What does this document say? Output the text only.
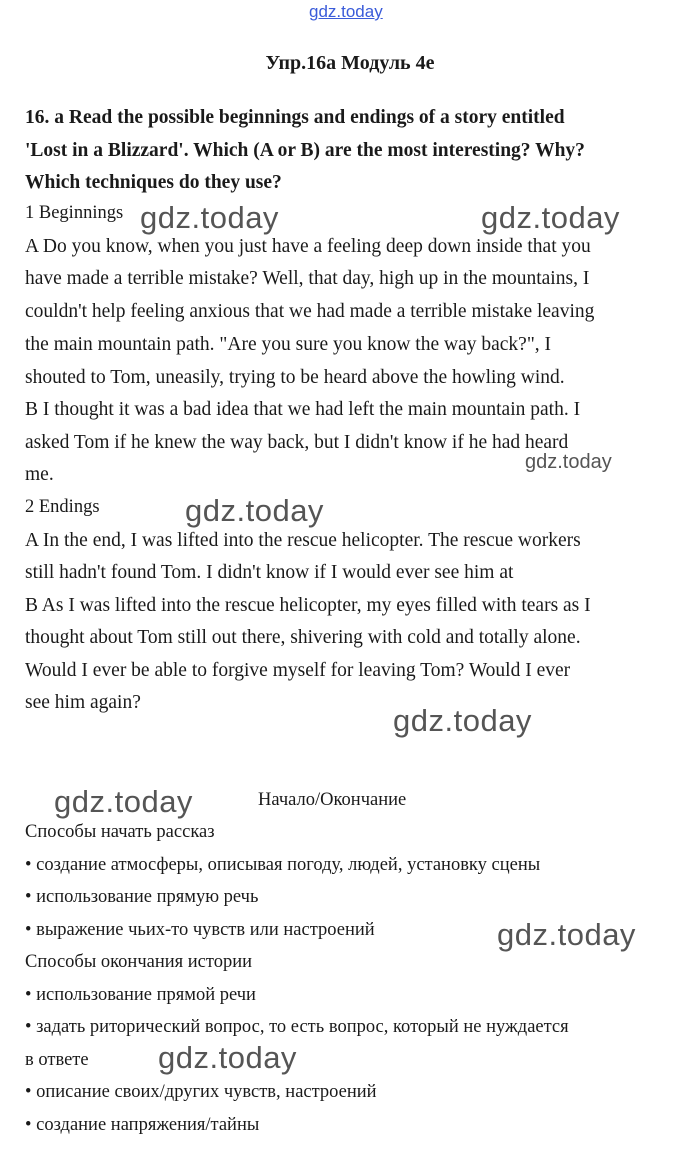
gdz.today
Упр.16а Модуль 4е
16. a Read the possible beginnings and endings of a story entitled
'Lost in a Blizzard'. Which (A or B) are the most interesting? Why?
Which techniques do they use?
1 Beginnings
A Do you know, when you just have a feeling deep down inside that you
have made a terrible mistake? Well, that day, high up in the mountains, I
couldn't help feeling anxious that we had made a terrible mistake leaving
the main mountain path. "Are you sure you know the way back?", I
shouted to Tom, uneasily, trying to be heard above the howling wind.
B I thought it was a bad idea that we had left the main mountain path. I
asked Tom if he knew the way back, but I didn't know if he had heard
me.
2 Endings
A In the end, I was lifted into the rescue helicopter. The rescue workers
still hadn't found Tom. I didn't know if I would ever see him at
B As I was lifted into the rescue helicopter, my eyes filled with tears as I
thought about Tom still out there, shivering with cold and totally alone.
Would I ever be able to forgive myself for leaving Tom? Would I ever
see him again?
Начало/Окончание
Способы начать рассказ
• создание атмосферы, описывая погоду, людей, установку сцены
• использование прямую речь
• выражение чьих-то чувств или настроений
Способы окончания истории
• использование прямой речи
• задать риторический вопрос, то есть вопрос, который не нуждается
в ответе
• описание своих/других чувств, настроений
• создание напряжения/тайны
gdz.today	gdz.today
gdz.today
gdz.today
gdz.today
gdz.today
gdz.today
gdz.today
